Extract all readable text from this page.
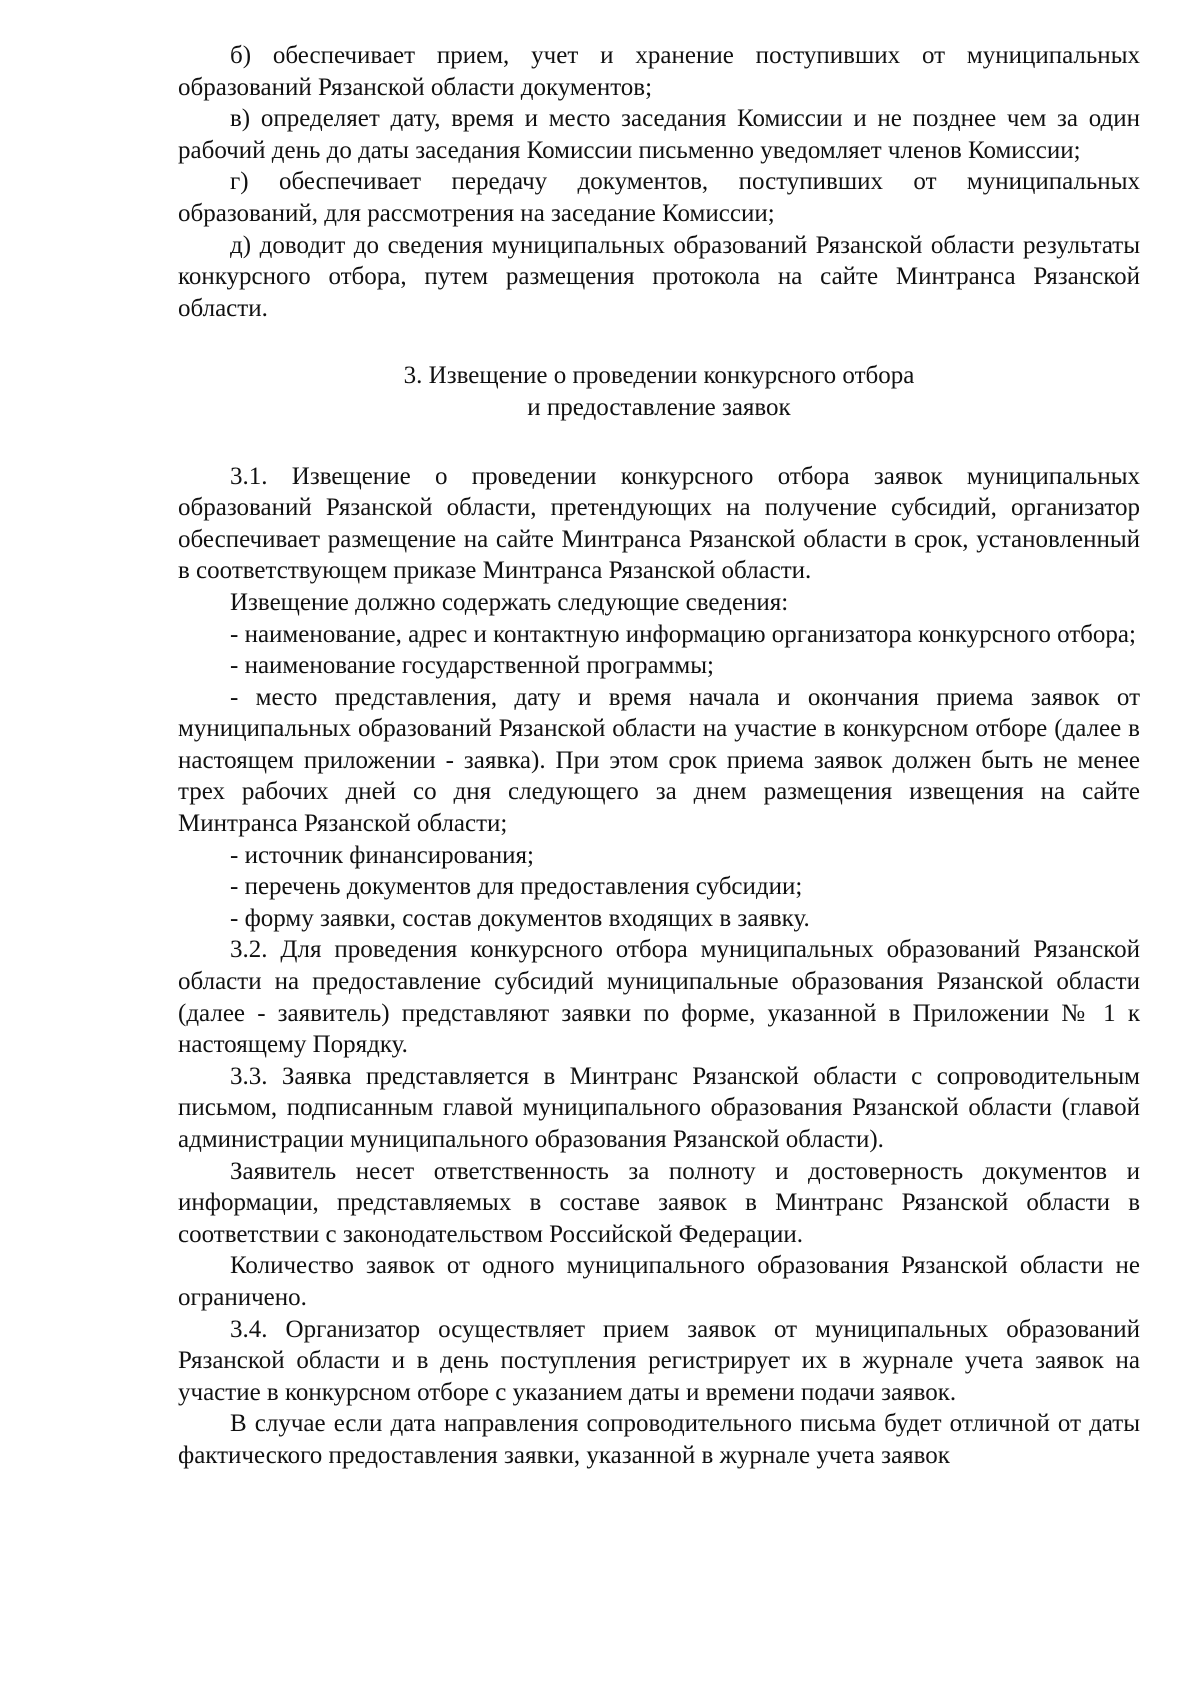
б) обеспечивает прием, учет и хранение поступивших от муниципальных образований Рязанской области документов;

в) определяет дату, время и место заседания Комиссии и не позднее чем за один рабочий день до даты заседания Комиссии письменно уведомляет членов Комиссии;

г) обеспечивает передачу документов, поступивших от муниципальных образований, для рассмотрения на заседание Комиссии;

д) доводит до сведения муниципальных образований Рязанской области результаты конкурсного отбора, путем размещения протокола на сайте Минтранса Рязанской области.

3. Извещение о проведении конкурсного отбора
и предоставление заявок

3.1. Извещение о проведении конкурсного отбора заявок муниципальных образований Рязанской области, претендующих на получение субсидий, организатор обеспечивает размещение на сайте Минтранса Рязанской области в срок, установленный в соответствующем приказе Минтранса Рязанской области.

Извещение должно содержать следующие сведения:

- наименование, адрес и контактную информацию организатора конкурсного отбора;

- наименование государственной программы;

- место представления, дату и время начала и окончания приема заявок от муниципальных образований Рязанской области на участие в конкурсном отборе (далее в настоящем приложении - заявка). При этом срок приема заявок должен быть не менее трех рабочих дней со дня следующего за днем размещения извещения на сайте Минтранса Рязанской области;

- источник финансирования;

- перечень документов для предоставления субсидии;

- форму заявки, состав документов входящих в заявку.

3.2. Для проведения конкурсного отбора муниципальных образований Рязанской области на предоставление субсидий муниципальные образования Рязанской области (далее - заявитель) представляют заявки по форме, указанной в Приложении № 1 к настоящему Порядку.

3.3. Заявка представляется в Минтранс Рязанской области с сопроводительным письмом, подписанным главой муниципального образования Рязанской области (главой администрации муниципального образования Рязанской области).

Заявитель несет ответственность за полноту и достоверность документов и информации, представляемых в составе заявок в Минтранс Рязанской области в соответствии с законодательством Российской Федерации.

Количество заявок от одного муниципального образования Рязанской области не ограничено.

3.4. Организатор осуществляет прием заявок от муниципальных образований Рязанской области и в день поступления регистрирует их в журнале учета заявок на участие в конкурсном отборе с указанием даты и времени подачи заявок.

В случае если дата направления сопроводительного письма будет отличной от даты фактического предоставления заявки, указанной в журнале учета заявок
